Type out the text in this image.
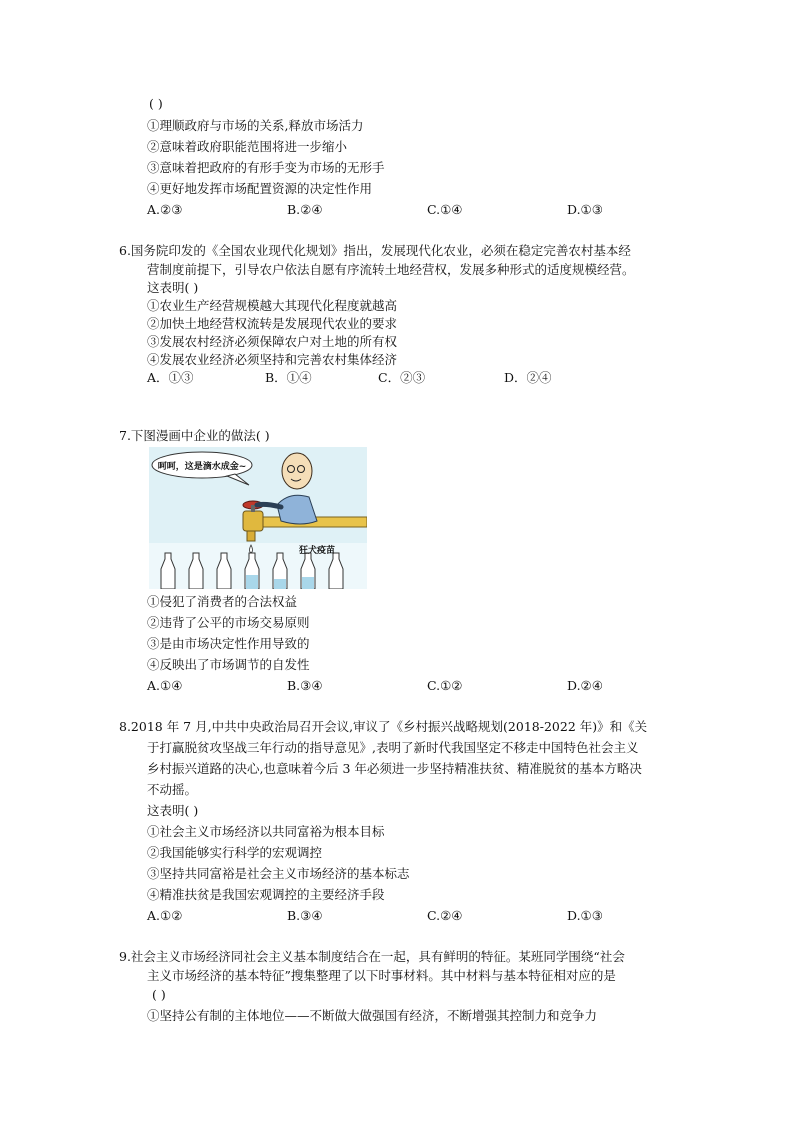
( )
①理顺政府与市场的关系,释放市场活力
②意味着政府职能范围将进一步缩小
③意味着把政府的有形手变为市场的无形手
④更好地发挥市场配置资源的决定性作用
A.②③	B.②④	C.①④	D.①③
6.国务院印发的《全国农业现代化规划》指出，发展现代化农业，必须在稳定完善农村基本经
营制度前提下，引导农户依法自愿有序流转土地经营权，发展多种形式的适度规模经营。
这表明( )
①农业生产经营规模越大其现代化程度就越高
②加快土地经营权流转是发展现代农业的要求
③发展农村经济必须保障农户对土地的所有权
④发展农业经济必须坚持和完善农村集体经济
A．①③	B．①④	C．②③	D．②④
7.下图漫画中企业的做法( )
呵呵，这是滴水成金~
狂犬疫苗
①侵犯了消费者的合法权益
②违背了公平的市场交易原则
③是由市场决定性作用导致的
④反映出了市场调节的自发性
A.①④	B.③④	C.①②	D.②④
8.2018 年 7 月,中共中央政治局召开会议,审议了《乡村振兴战略规划(2018-2022 年)》和《关
于打赢脱贫攻坚战三年行动的指导意见》,表明了新时代我国坚定不移走中国特色社会主义
乡村振兴道路的决心,也意味着今后 3 年必须进一步坚持精准扶贫、精准脱贫的基本方略决
不动摇。
这表明( )
①社会主义市场经济以共同富裕为根本目标
②我国能够实行科学的宏观调控
③坚持共同富裕是社会主义市场经济的基本标志
④精准扶贫是我国宏观调控的主要经济手段
A.①②	B.③④	C.②④	D.①③
9.社会主义市场经济同社会主义基本制度结合在一起，具有鲜明的特征。某班同学围绕“社会
主义市场经济的基本特征”搜集整理了以下时事材料。其中材料与基本特征相对应的是
( )
①坚持公有制的主体地位——不断做大做强国有经济，不断增强其控制力和竞争力
